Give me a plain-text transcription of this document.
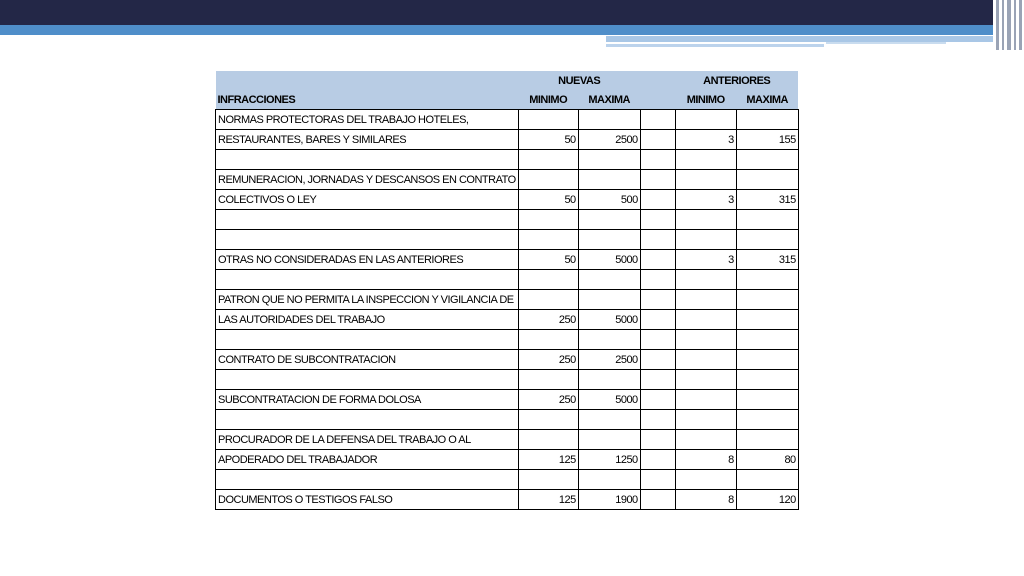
	NUEVAS			ANTERIORES	
INFRACCIONES	MINIMO	MAXIMA		MINIMO	MAXIMA
NORMAS PROTECTORAS DEL TRABAJO HOTELES,					
RESTAURANTES, BARES Y SIMILARES	50	2500		3	155

REMUNERACION, JORNADAS Y DESCANSOS EN CONTRATO					
COLECTIVOS O LEY	50	500		3	315

OTRAS NO CONSIDERADAS EN LAS ANTERIORES	50	5000		3	315

PATRON QUE NO PERMITA LA INSPECCION Y VIGILANCIA DE					
LAS AUTORIDADES DEL TRABAJO	250	5000			

CONTRATO DE SUBCONTRATACION	250	2500			

SUBCONTRATACION DE FORMA DOLOSA	250	5000			

PROCURADOR DE LA DEFENSA DEL TRABAJO O AL					
APODERADO DEL TRABAJADOR	125	1250		8	80

DOCUMENTOS O TESTIGOS FALSO	125	1900		8	120
